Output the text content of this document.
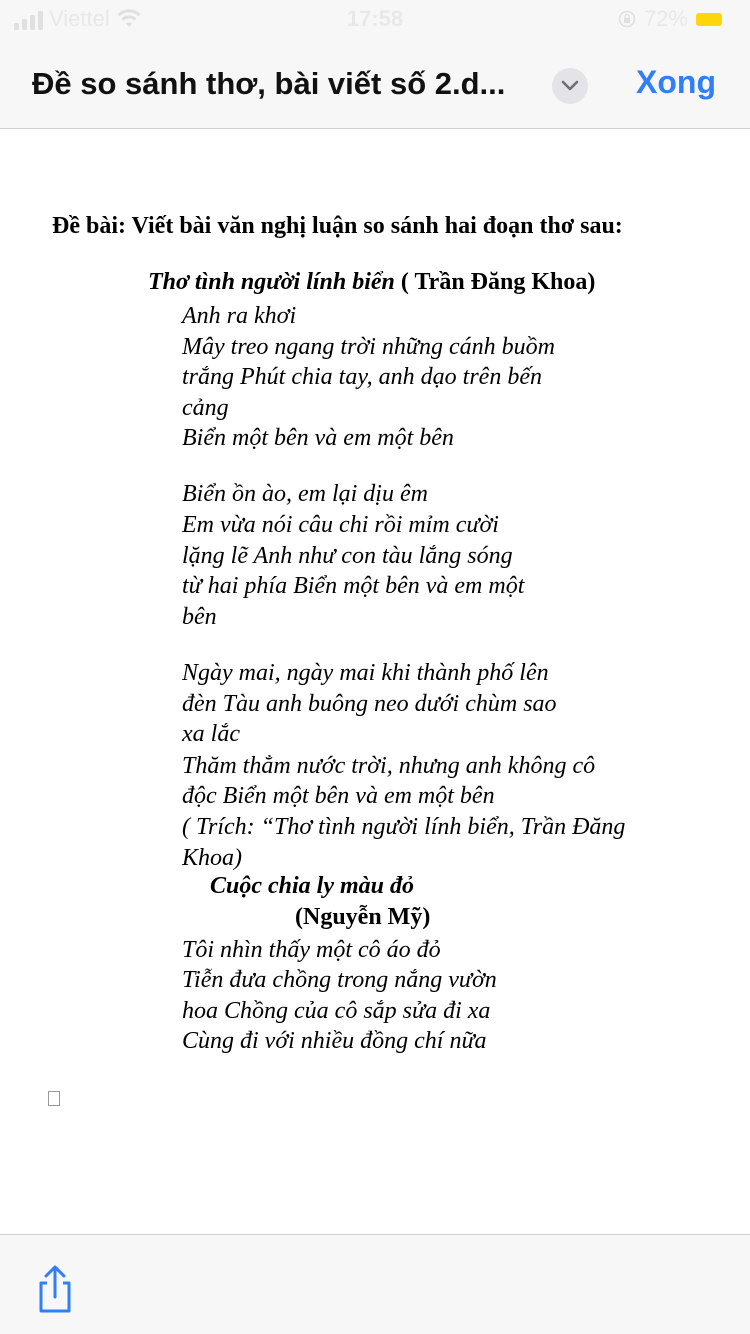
Viettel	17:58	72%
Đề so sánh thơ, bài viết số 2.d...	Xong
Đề bài: Viết bài văn nghị luận so sánh hai đoạn thơ sau:
Thơ tình người lính biển ( Trần Đăng Khoa)
Anh ra khơi
Mây treo ngang trời những cánh buồm
trắng Phút chia tay, anh dạo trên bến
cảng
Biển một bên và em một bên
Biển ồn ào, em lại dịu êm
Em vừa nói câu chi rồi mỉm cười
lặng lẽ Anh như con tàu lắng sóng
từ hai phía Biển một bên và em một
bên
Ngày mai, ngày mai khi thành phố lên
đèn Tàu anh buông neo dưới chùm sao
xa lắc
Thăm thẳm nước trời, nhưng anh không cô
độc Biển một bên và em một bên
( Trích: “Thơ tình người lính biển, Trần Đăng
Khoa)
Cuộc chia ly màu đỏ
(Nguyễn Mỹ)
Tôi nhìn thấy một cô áo đỏ
Tiễn đưa chồng trong nắng vườn
hoa Chồng của cô sắp sửa đi xa
Cùng đi với nhiều đồng chí nữa
